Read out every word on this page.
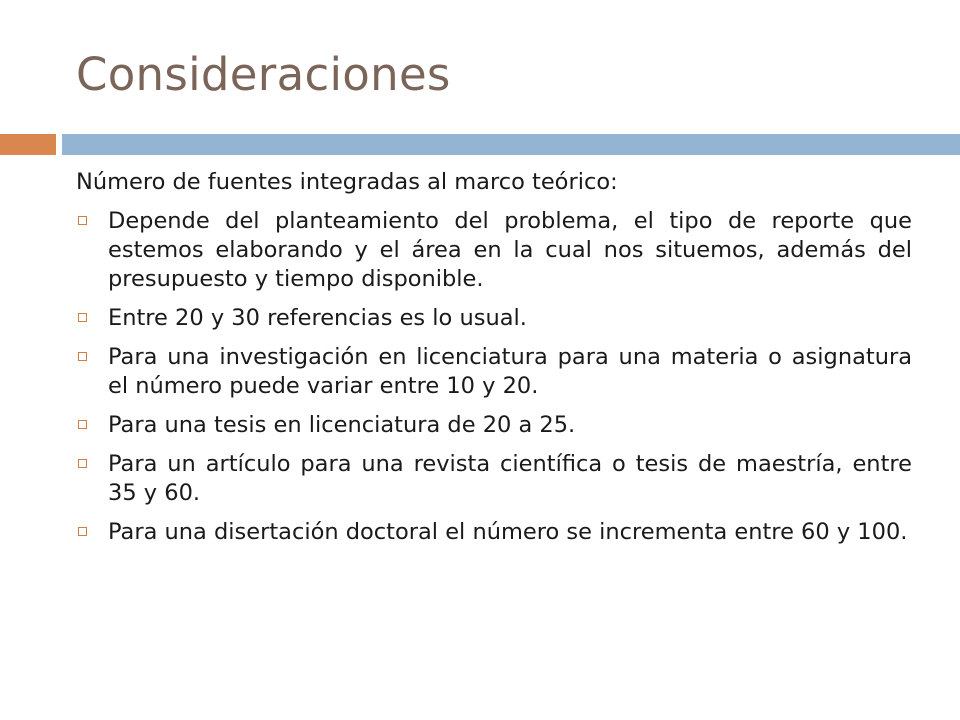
Consideraciones

Número de fuentes integradas al marco teórico:

Depende del planteamiento del problema, el tipo de reporte que estemos elaborando y el área en la cual nos situemos, además del presupuesto y tiempo disponible.
Entre 20 y 30 referencias es lo usual.
Para una investigación en licenciatura para una materia o asignatura el número puede variar entre 10 y 20.
Para una tesis en licenciatura de 20 a 25.
Para un artículo para una revista científica o tesis de maestría, entre 35 y 60.
Para una disertación doctoral el número se incrementa entre 60 y 100.
